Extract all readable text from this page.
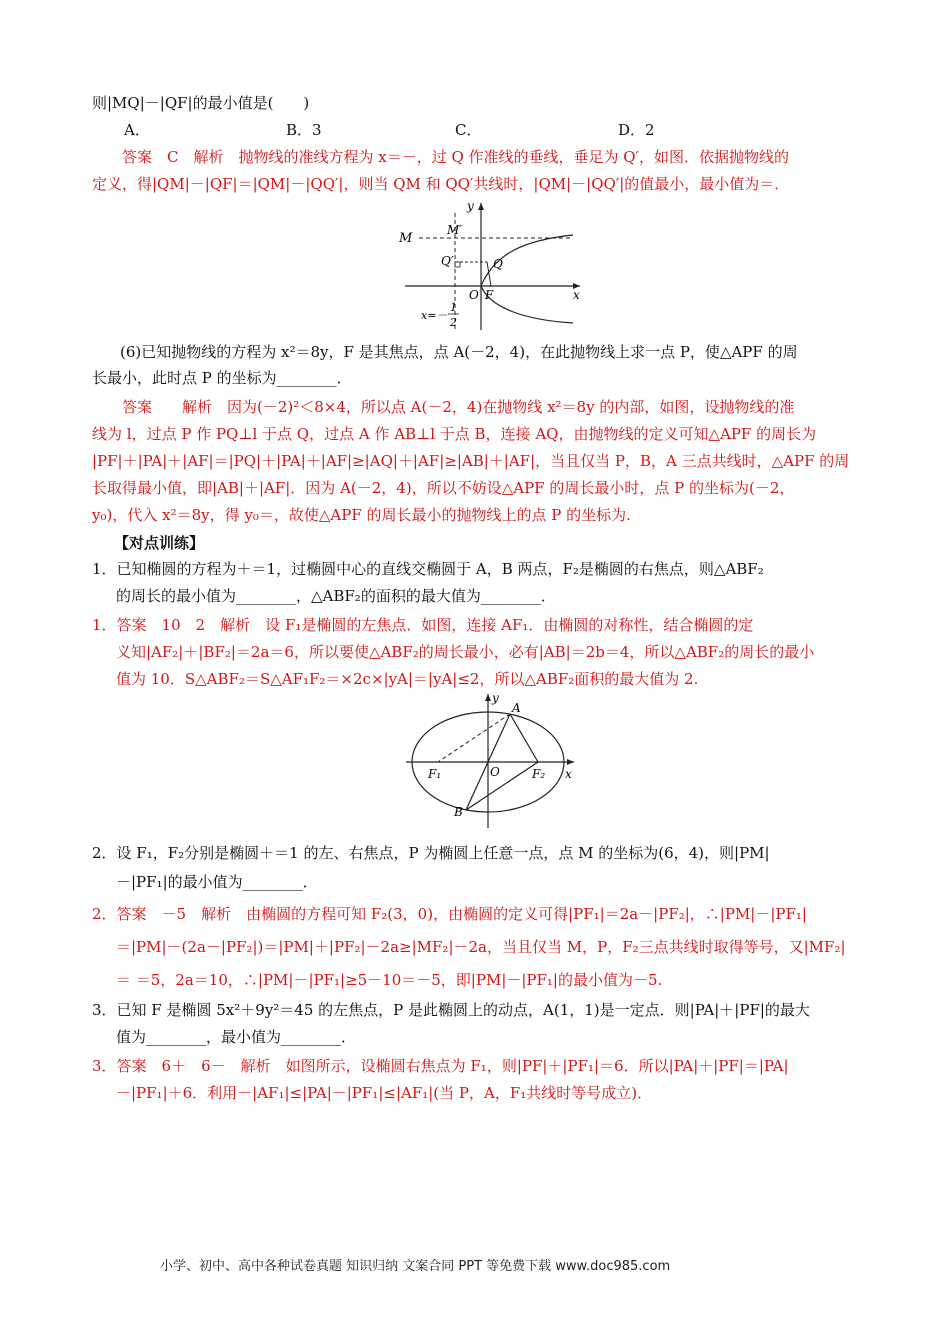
则|MQ|－|QF|的最小值是(　　)
A．	B．3	C．	D．2
答案　C　解析　抛物线的准线方程为 x＝－，过 Q 作准线的垂线，垂足为 Q′，如图．依据抛物线的
定义，得|QM|－|QF|＝|QM|－|QQ′|，则当 QM 和 QQ′共线时，|QM|－|QQ′|的值最小，最小值为＝．
M
M′
Q′	Q
O F	x
y
x=－
1
2
(6)已知抛物线的方程为 x²＝8y，F 是其焦点，点 A(－2，4)，在此抛物线上求一点 P，使△APF 的周
长最小，此时点 P 的坐标为________．
答案　　解析　因为(－2)²＜8×4，所以点 A(－2，4)在抛物线 x²＝8y 的内部，如图，设抛物线的准
线为 l，过点 P 作 PQ⊥l 于点 Q，过点 A 作 AB⊥l 于点 B，连接 AQ，由抛物线的定义可知△APF 的周长为
|PF|＋|PA|＋|AF|＝|PQ|＋|PA|＋|AF|≥|AQ|＋|AF|≥|AB|＋|AF|，当且仅当 P，B，A 三点共线时，△APF 的周
长取得最小值，即|AB|＋|AF|．因为 A(－2，4)，所以不妨设△APF 的周长最小时，点 P 的坐标为(－2，
y₀)，代入 x²＝8y，得 y₀＝，故使△APF 的周长最小的抛物线上的点 P 的坐标为.
【对点训练】
1．已知椭圆的方程为＋＝1，过椭圆中心的直线交椭圆于 A，B 两点，F₂是椭圆的右焦点，则△ABF₂
的周长的最小值为________，△ABF₂的面积的最大值为________．
1．答案　10　2　解析　设 F₁是椭圆的左焦点．如图，连接 AF₁．由椭圆的对称性，结合椭圆的定
义知|AF₂|＋|BF₂|＝2a＝6，所以要使△ABF₂的周长最小，必有|AB|＝2b＝4，所以△ABF₂的周长的最小
值为 10．S△ABF₂＝S△AF₁F₂＝×2c×|yA|＝|yA|≤2，所以△ABF₂面积的最大值为 2.
A
B
F₁	F₂
O	x
y
2．设 F₁，F₂分别是椭圆＋＝1 的左、右焦点，P 为椭圆上任意一点，点 M 的坐标为(6，4)，则|PM|
－|PF₁|的最小值为________．
2．答案　－5　解析　由椭圆的方程可知 F₂(3，0)，由椭圆的定义可得|PF₁|＝2a－|PF₂|，∴|PM|－|PF₁|
＝|PM|－(2a－|PF₂|)＝|PM|＋|PF₂|－2a≥|MF₂|－2a，当且仅当 M，P，F₂三点共线时取得等号，又|MF₂|
＝ ＝5，2a＝10，∴|PM|－|PF₁|≥5－10＝－5，即|PM|－|PF₁|的最小值为－5.
3．已知 F 是椭圆 5x²＋9y²＝45 的左焦点，P 是此椭圆上的动点，A(1，1)是一定点．则|PA|＋|PF|的最大
值为________，最小值为________．
3．答案　6＋　6－　解析　如图所示，设椭圆右焦点为 F₁，则|PF|＋|PF₁|＝6．所以|PA|＋|PF|＝|PA|
－|PF₁|＋6．利用－|AF₁|≤|PA|－|PF₁|≤|AF₁|(当 P，A，F₁共线时等号成立)．
小学、初中、高中各种试卷真题 知识归纳 文案合同 PPT 等免费下载 www.doc985.com
